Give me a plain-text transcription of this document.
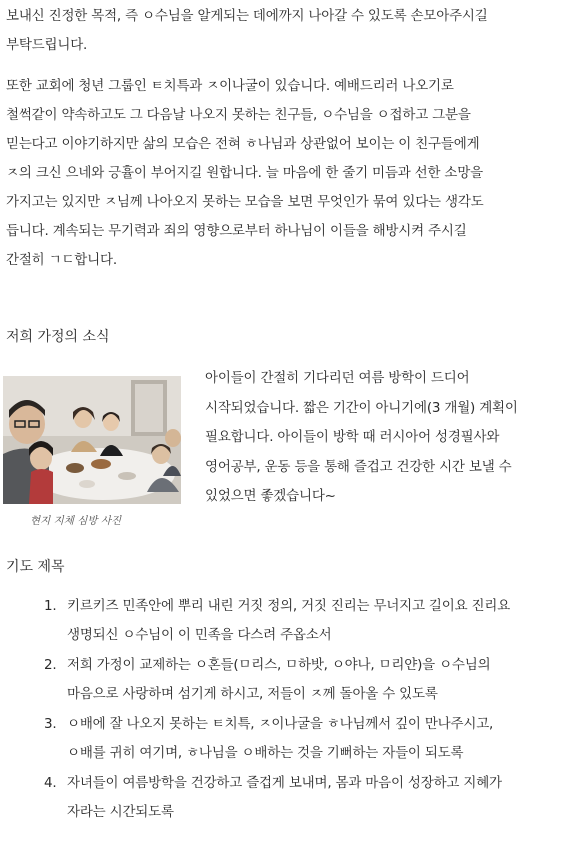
보내신 진정한 목적, 즉 ㅇ수님을 알게되는 데에까지 나아갈 수 있도록 손모아주시길
부탁드립니다.

또한 교회에 청년 그룹인 ㅌ치특과 ㅈ이나굴이 있습니다. 예배드리러 나오기로
철썩같이 약속하고도 그 다음날 나오지 못하는 친구들, ㅇ수님을 ㅇ접하고 그분을
믿는다고 이야기하지만 삶의 모습은 전혀 ㅎ나님과 상관없어 보이는 이 친구들에게
ㅈ의 크신 으네와 긍휼이 부어지길 원합니다. 늘 마음에 한 줄기 미듬과 선한 소망을
가지고는 있지만 ㅈ님께 나아오지 못하는 모습을 보면 무엇인가 묶여 있다는 생각도
듭니다. 계속되는 무기력과 죄의 영향으로부터 하나님이 이들을 해방시켜 주시길
간절히 ㄱㄷ합니다.

저희 가정의 소식

현지 지체 심방 사진

아이들이 간절히 기다리던 여름 방학이 드디어
시작되었습니다. 짧은 기간이 아니기에(3 개월) 계획이
필요합니다. 아이들이 방학 때 러시아어 성경필사와
영어공부, 운동 등을 통해 즐겁고 건강한 시간 보낼 수
있었으면 좋겠습니다~

기도 제목
1. 키르키즈 민족안에 뿌리 내린 거짓 정의, 거짓 진리는 무너지고 길이요 진리요
생명되신 ㅇ수님이 이 민족을 다스려 주옵소서
2. 저희 가정이 교제하는 ㅇ혼들(ㅁ리스, ㅁ하밧, ㅇ야나, ㅁ리얀)을 ㅇ수님의
마음으로 사랑하며 섬기게 하시고, 저들이 ㅈ께 돌아올 수 있도록
3. ㅇ배에 잘 나오지 못하는 ㅌ치특, ㅈ이나굴을 ㅎ나님께서 깊이 만나주시고,
ㅇ배를 귀히 여기며, ㅎ나님을 ㅇ배하는 것을 기뻐하는 자들이 되도록
4. 자녀들이 여름방학을 건강하고 즐겁게 보내며, 몸과 마음이 성장하고 지혜가
자라는 시간되도록
